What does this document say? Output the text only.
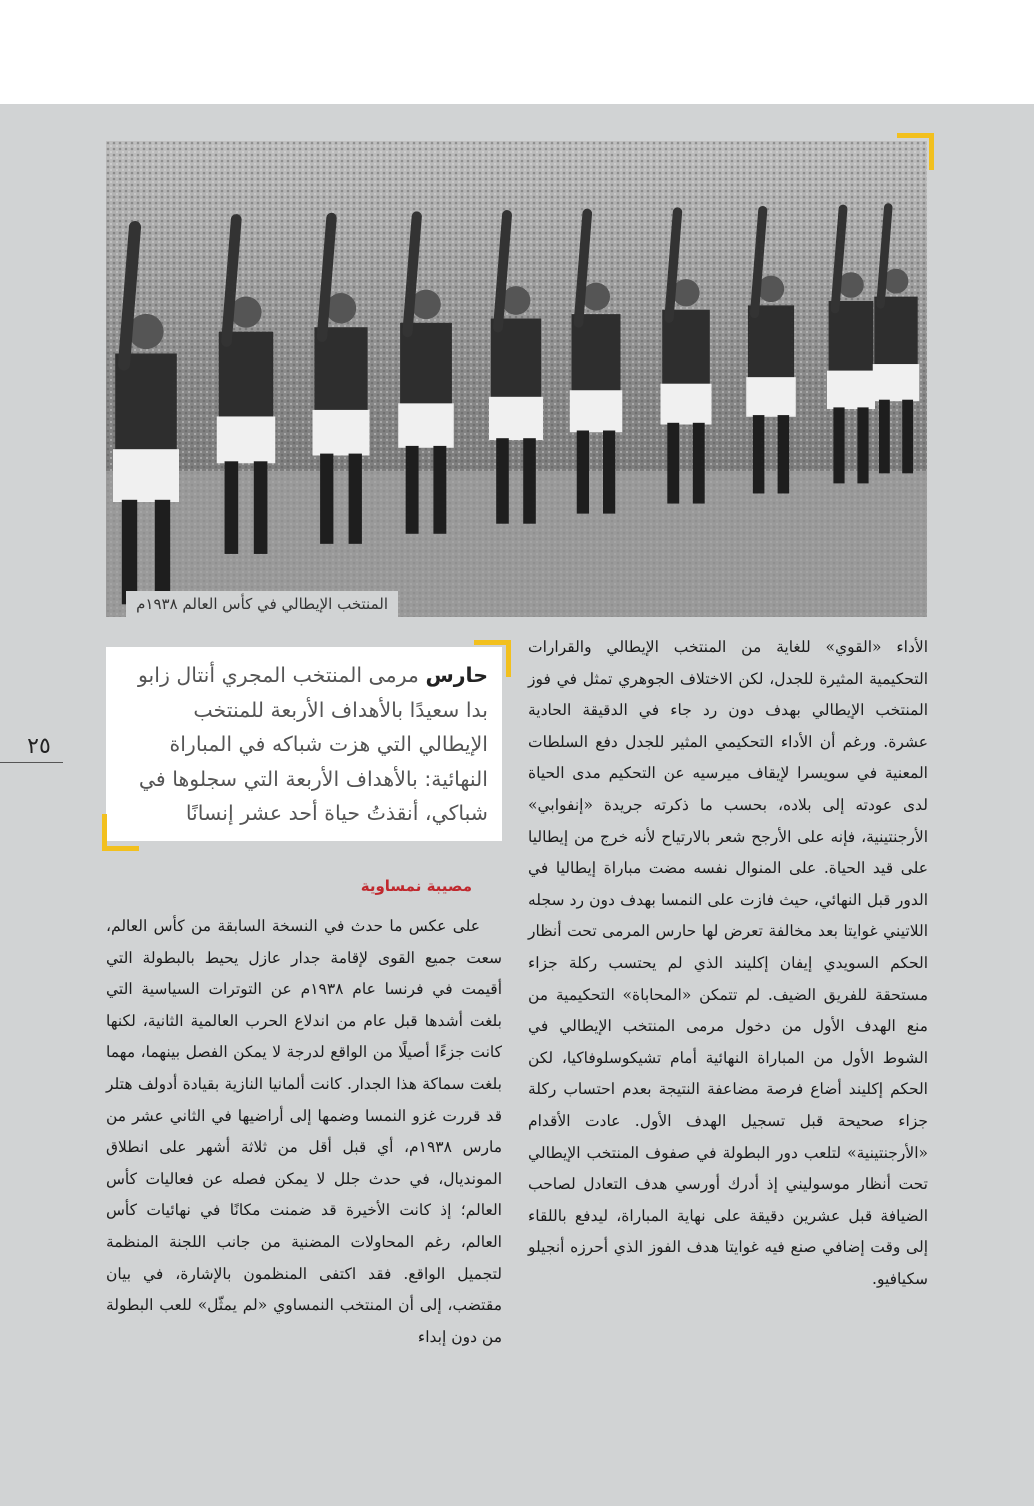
المنتخب الإيطالي في كأس العالم ١٩٣٨م

حارس مرمى المنتخب المجري أنتال زابو بدا سعيدًا بالأهداف الأربعة للمنتخب الإيطالي التي هزت شباكه في المباراة النهائية: بالأهداف الأربعة التي سجلوها في شباكي، أنقذتُ حياة أحد عشر إنسانًا

٢٥

الأداء «القوي» للغاية من المنتخب الإيطالي والقرارات التحكيمية المثيرة للجدل، لكن الاختلاف الجوهري تمثل في فوز المنتخب الإيطالي بهدف دون رد جاء في الدقيقة الحادية عشرة. ورغم أن الأداء التحكيمي المثير للجدل دفع السلطات المعنية في سويسرا لإيقاف ميرسيه عن التحكيم مدى الحياة لدى عودته إلى بلاده، بحسب ما ذكرته جريدة «إنفوابي» الأرجنتينية، فإنه على الأرجح شعر بالارتياح لأنه خرج من إيطاليا على قيد الحياة. على المنوال نفسه مضت مباراة إيطاليا في الدور قبل النهائي، حيث فازت على النمسا بهدف دون رد سجله اللاتيني غوايتا بعد مخالفة تعرض لها حارس المرمى تحت أنظار الحكم السويدي إيفان إكليند الذي لم يحتسب ركلة جزاء مستحقة للفريق الضيف. لم تتمكن «المحاباة» التحكيمية من منع الهدف الأول من دخول مرمى المنتخب الإيطالي في الشوط الأول من المباراة النهائية أمام تشيكوسلوفاكيا، لكن الحكم إكليند أضاع فرصة مضاعفة النتيجة بعدم احتساب ركلة جزاء صحيحة قبل تسجيل الهدف الأول. عادت الأقدام «الأرجنتينية» لتلعب دور البطولة في صفوف المنتخب الإيطالي تحت أنظار موسوليني إذ أدرك أورسي هدف التعادل لصاحب الضيافة قبل عشرين دقيقة على نهاية المباراة، ليدفع باللقاء إلى وقت إضافي صنع فيه غوايتا هدف الفوز الذي أحرزه أنجيلو سكيافيو.

مصيبة نمساوية

على عكس ما حدث في النسخة السابقة من كأس العالم، سعت جميع القوى لإقامة جدار عازل يحيط بالبطولة التي أقيمت في فرنسا عام ١٩٣٨م عن التوترات السياسية التي بلغت أشدها قبل عام من اندلاع الحرب العالمية الثانية، لكنها كانت جزءًا أصيلًا من الواقع لدرجة لا يمكن الفصل بينهما، مهما بلغت سماكة هذا الجدار. كانت ألمانيا النازية بقيادة أدولف هتلر قد قررت غزو النمسا وضمها إلى أراضيها في الثاني عشر من مارس ١٩٣٨م، أي قبل أقل من ثلاثة أشهر على انطلاق المونديال، في حدث جلل لا يمكن فصله عن فعاليات كأس العالم؛ إذ كانت الأخيرة قد ضمنت مكانًا في نهائيات كأس العالم، رغم المحاولات المضنية من جانب اللجنة المنظمة لتجميل الواقع. فقد اكتفى المنظمون بالإشارة، في بيان مقتضب، إلى أن المنتخب النمساوي «لم يمثّل» للعب البطولة من دون إبداء
